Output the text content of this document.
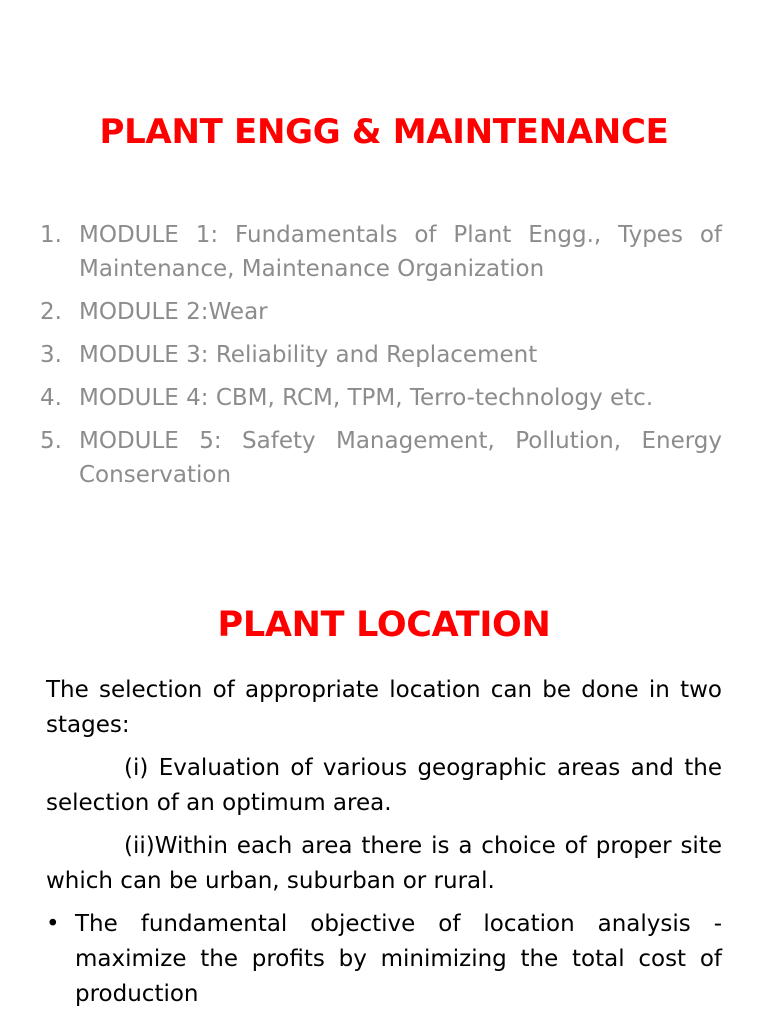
PLANT ENGG & MAINTENANCE
1. MODULE 1: Fundamentals of Plant Engg., Types of Maintenance, Maintenance Organization
2. MODULE 2:Wear
3. MODULE 3: Reliability and Replacement
4. MODULE 4: CBM, RCM, TPM, Terro-technology etc.
5. MODULE 5: Safety Management, Pollution, Energy Conservation
PLANT LOCATION

The selection of appropriate location can be done in two stages:

(i) Evaluation of various geographic areas and the selection of an optimum area.

(ii)Within each area there is a choice of proper site which can be urban, suburban or rural.

• The fundamental objective of location analysis - maximize the profits by minimizing the total cost of production
